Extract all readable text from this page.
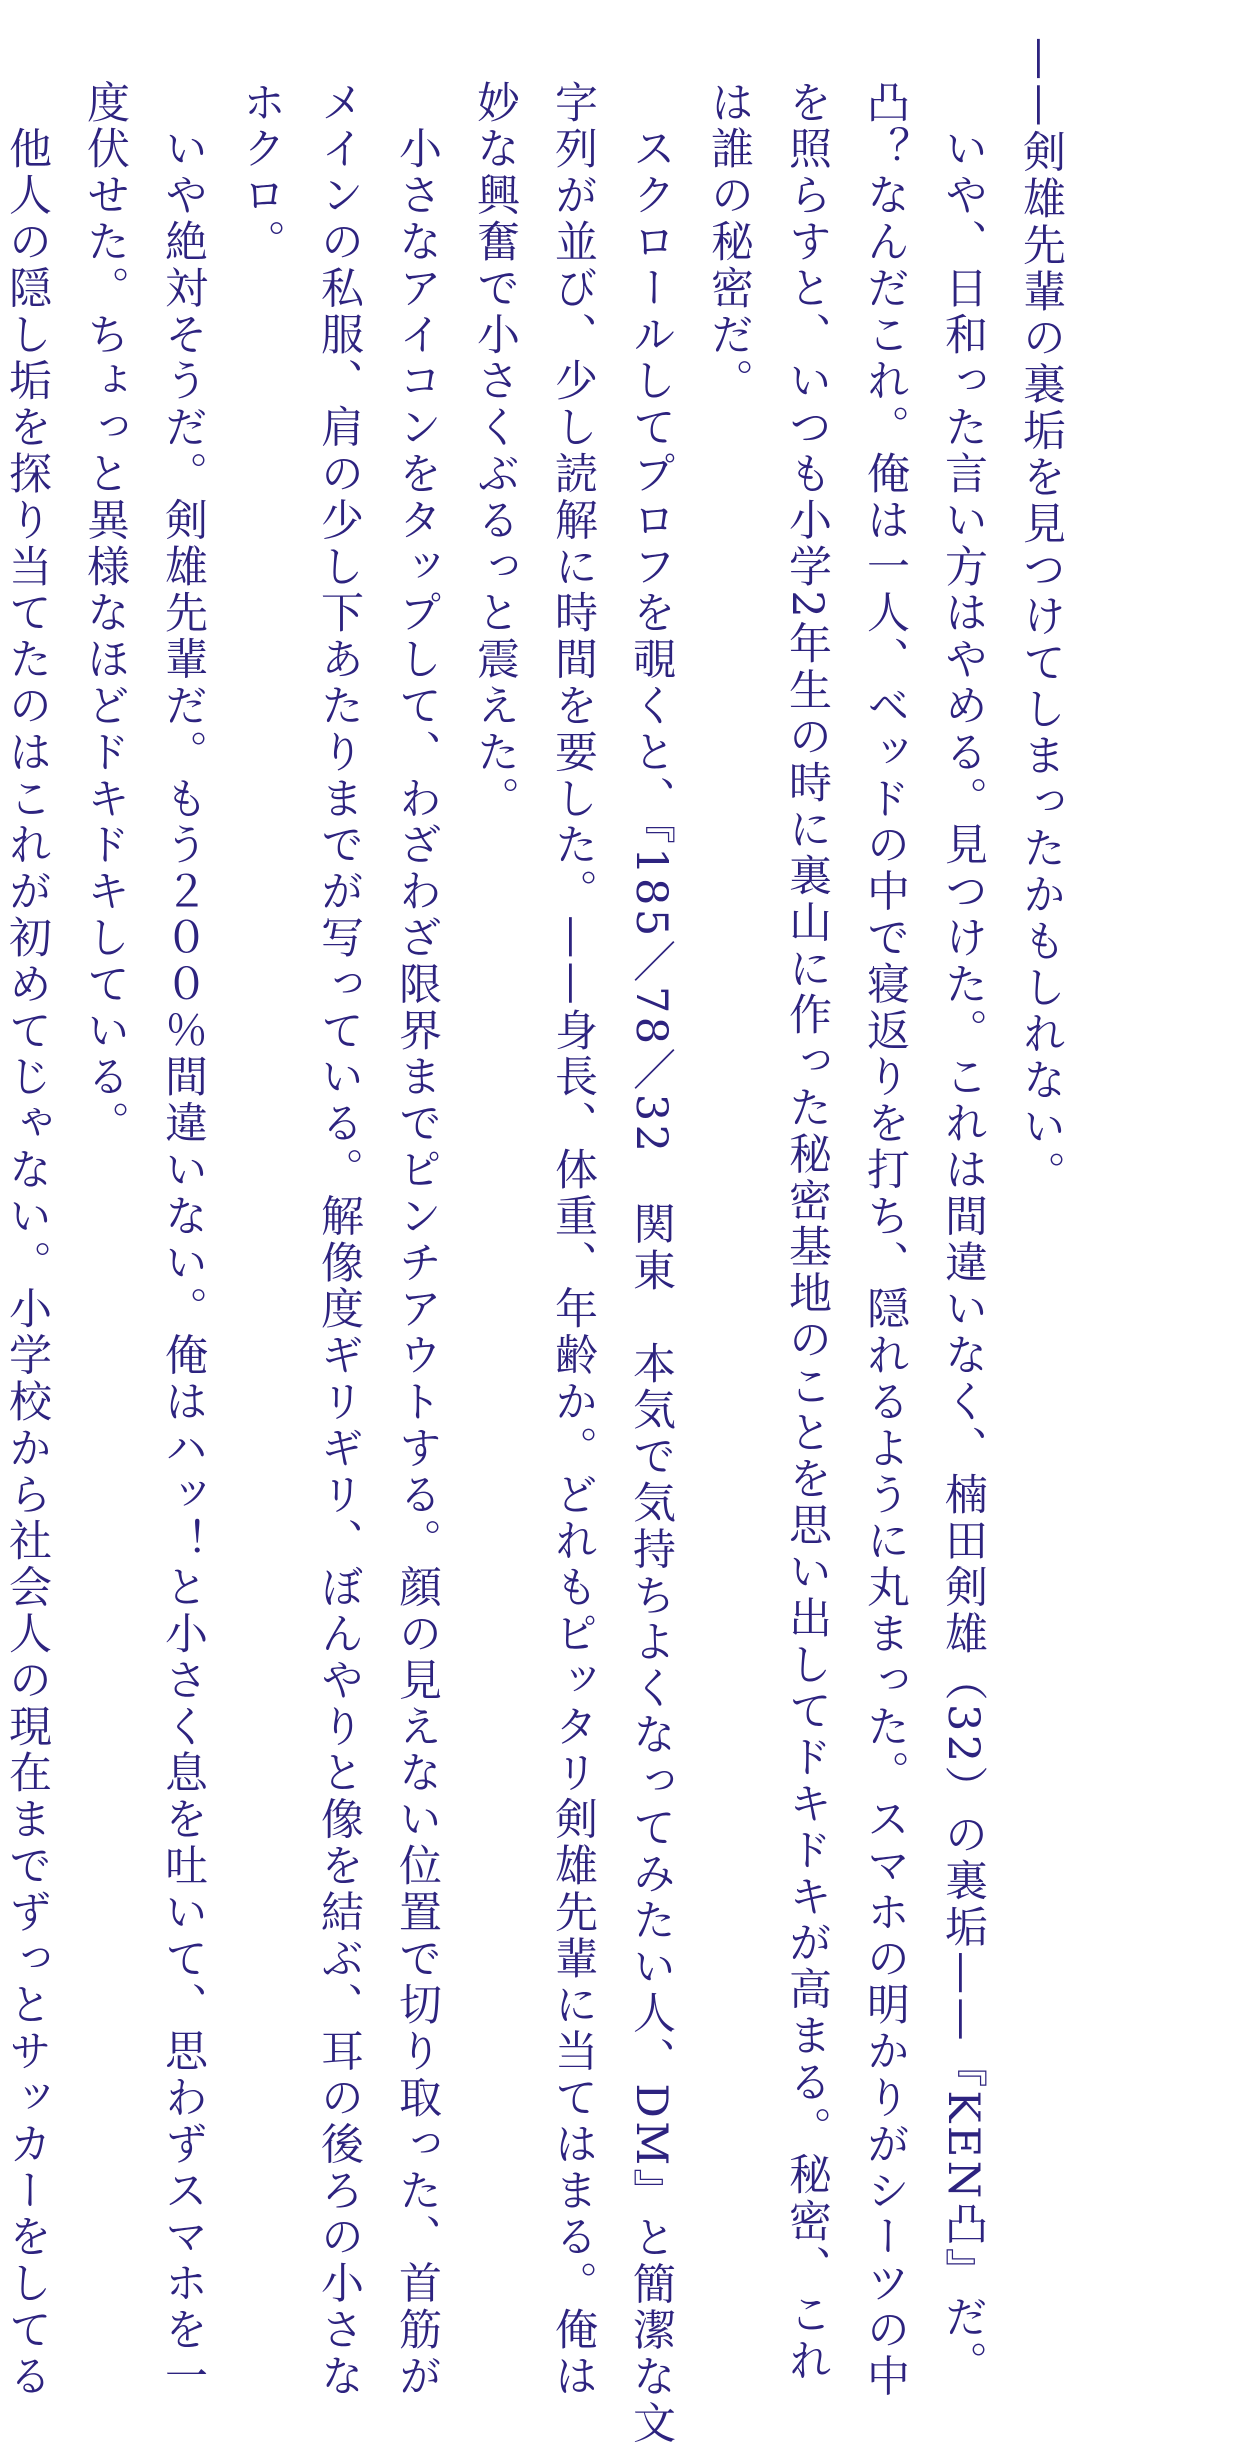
——剣雄先輩の裏垢を見つけてしまったかもしれない。

　いや、日和った言い方はやめる。見つけた。これは間違いなく、楠田剣雄（32）の裏垢——『KEN凸』だ。

凸？なんだこれ。俺は一人、ベッドの中で寝返りを打ち、隠れるように丸まった。スマホの明かりがシーツの中

を照らすと、いつも小学2年生の時に裏山に作った秘密基地のことを思い出してドキドキが高まる。秘密、これ

は誰の秘密だ。

　スクロールしてプロフを覗くと、『185／78／32　関東　本気で気持ちよくなってみたい人、DM』と簡潔な文

字列が並び、少し読解に時間を要した。——身長、体重、年齢か。どれもピッタリ剣雄先輩に当てはまる。俺は

妙な興奮で小さくぶるっと震えた。

　小さなアイコンをタップして、わざわざ限界までピンチアウトする。顔の見えない位置で切り取った、首筋が

メインの私服、肩の少し下あたりまでが写っている。解像度ギリギリ、ぼんやりと像を結ぶ、耳の後ろの小さな

ホクロ。

　いや絶対そうだ。剣雄先輩だ。もう２００％間違いない。俺はハッ！と小さく息を吐いて、思わずスマホを一

度伏せた。ちょっと異様なほどドキドキしている。

　他人の隠し垢を探り当てたのはこれが初めてじゃない。小学校から社会人の現在までずっとサッカーをしてる
